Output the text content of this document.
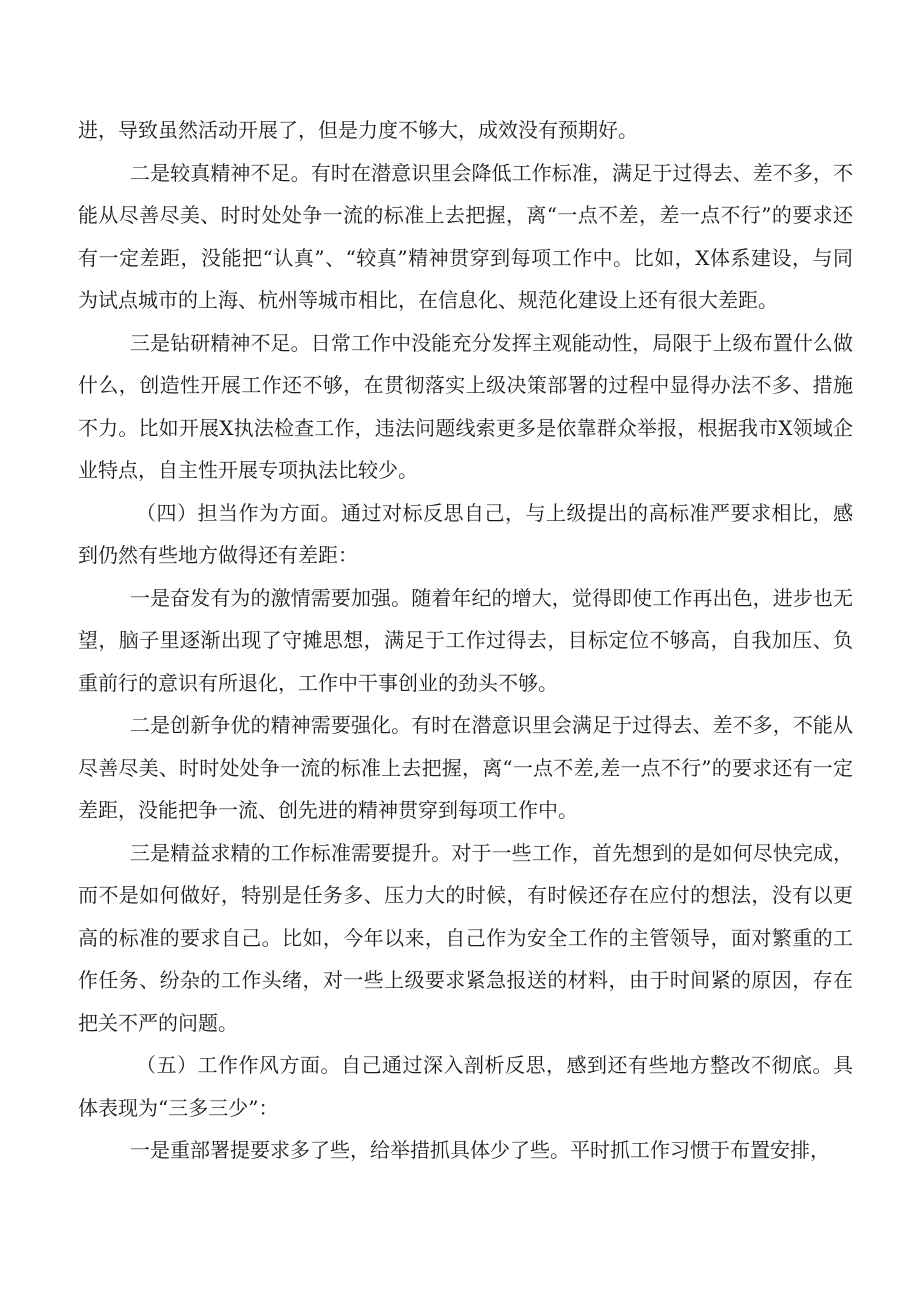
进，导致虽然活动开展了，但是力度不够大，成效没有预期好。

二是较真精神不足。有时在潜意识里会降低工作标准，满足于过得去、差不多，不能从尽善尽美、时时处处争一流的标准上去把握，离“一点不差，差一点不行”的要求还有一定差距，没能把“认真”、“较真”精神贯穿到每项工作中。比如，X体系建设，与同为试点城市的上海、杭州等城市相比，在信息化、规范化建设上还有很大差距。

三是钻研精神不足。日常工作中没能充分发挥主观能动性，局限于上级布置什么做什么，创造性开展工作还不够，在贯彻落实上级决策部署的过程中显得办法不多、措施不力。比如开展X执法检查工作，违法问题线索更多是依靠群众举报，根据我市X领域企业特点，自主性开展专项执法比较少。

（四）担当作为方面。通过对标反思自己，与上级提出的高标准严要求相比，感到仍然有些地方做得还有差距：

一是奋发有为的激情需要加强。随着年纪的增大，觉得即使工作再出色，进步也无望，脑子里逐渐出现了守摊思想，满足于工作过得去，目标定位不够高，自我加压、负重前行的意识有所退化，工作中干事创业的劲头不够。

二是创新争优的精神需要强化。有时在潜意识里会满足于过得去、差不多，不能从尽善尽美、时时处处争一流的标准上去把握，离“一点不差,差一点不行”的要求还有一定差距，没能把争一流、创先进的精神贯穿到每项工作中。

三是精益求精的工作标准需要提升。对于一些工作，首先想到的是如何尽快完成，而不是如何做好，特别是任务多、压力大的时候，有时候还存在应付的想法，没有以更高的标准的要求自己。比如，今年以来，自己作为安全工作的主管领导，面对繁重的工作任务、纷杂的工作头绪，对一些上级要求紧急报送的材料，由于时间紧的原因，存在把关不严的问题。

（五）工作作风方面。自己通过深入剖析反思，感到还有些地方整改不彻底。具体表现为“三多三少”：

一是重部署提要求多了些，给举措抓具体少了些。平时抓工作习惯于布置安排，
